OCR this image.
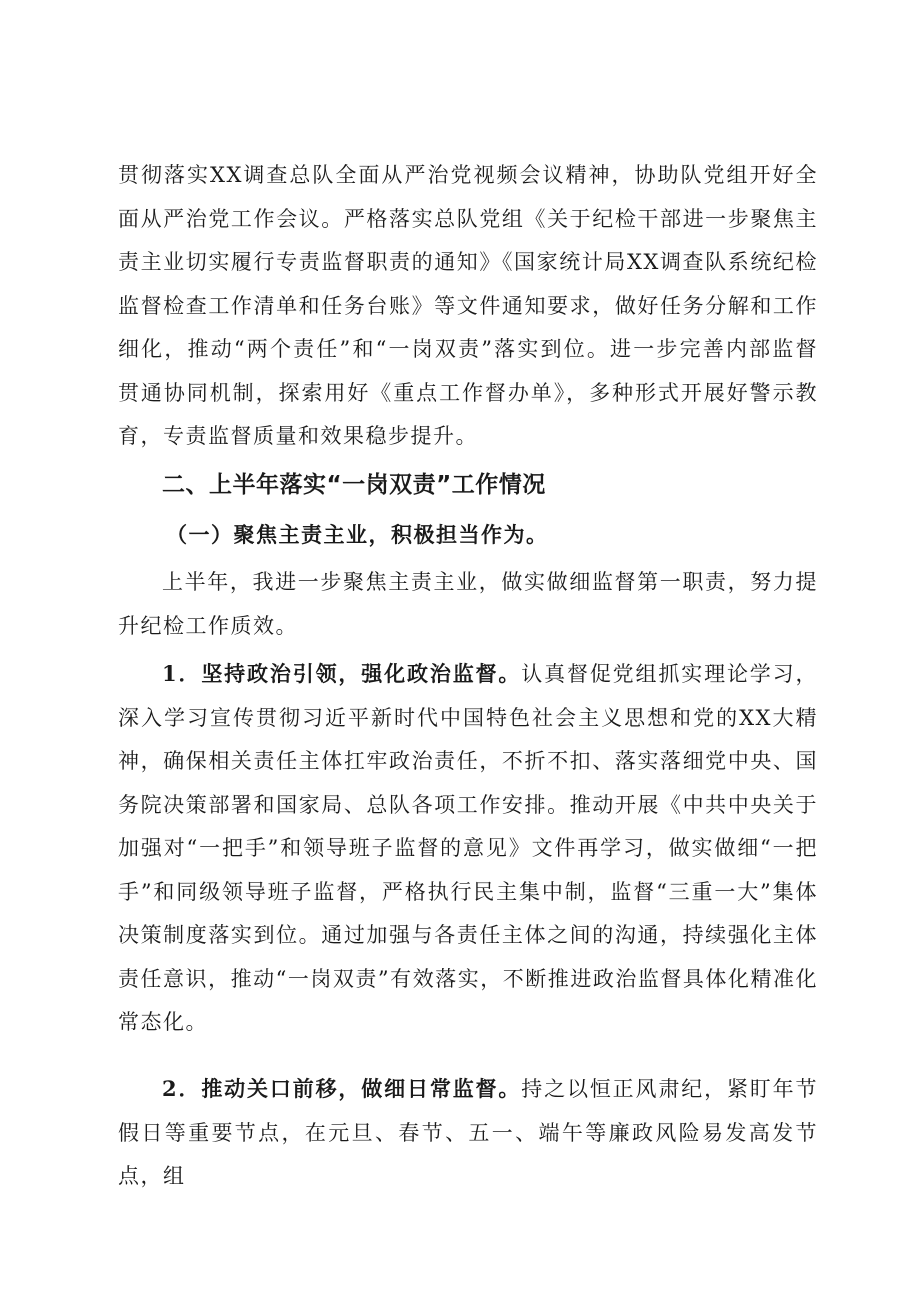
贯彻落实XX调查总队全面从严治党视频会议精神，协助队党组开好全面从严治党工作会议。严格落实总队党组《关于纪检干部进一步聚焦主责主业切实履行专责监督职责的通知》《国家统计局XX调查队系统纪检监督检查工作清单和任务台账》等文件通知要求，做好任务分解和工作细化，推动“两个责任”和“一岗双责”落实到位。进一步完善内部监督贯通协同机制，探索用好《重点工作督办单》，多种形式开展好警示教育，专责监督质量和效果稳步提升。

二、上半年落实“一岗双责”工作情况
（一）聚焦主责主业，积极担当作为。

上半年，我进一步聚焦主责主业，做实做细监督第一职责，努力提升纪检工作质效。

1．坚持政治引领，强化政治监督。认真督促党组抓实理论学习，深入学习宣传贯彻习近平新时代中国特色社会主义思想和党的XX大精神，确保相关责任主体扛牢政治责任，不折不扣、落实落细党中央、国务院决策部署和国家局、总队各项工作安排。推动开展《中共中央关于加强对“一把手”和领导班子监督的意见》文件再学习，做实做细“一把手”和同级领导班子监督，严格执行民主集中制，监督“三重一大”集体决策制度落实到位。通过加强与各责任主体之间的沟通，持续强化主体责任意识，推动“一岗双责”有效落实，不断推进政治监督具体化精准化常态化。

2．推动关口前移，做细日常监督。持之以恒正风肃纪，紧盯年节假日等重要节点，在元旦、春节、五一、端午等廉政风险易发高发节点，组
